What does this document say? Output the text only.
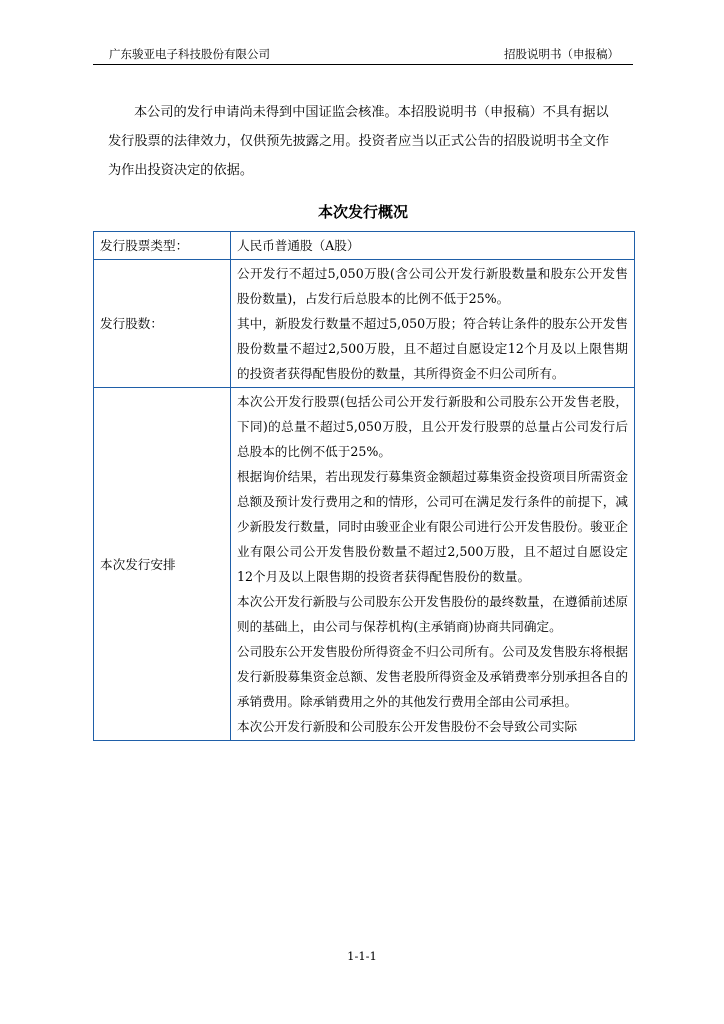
广东骏亚电子科技股份有限公司	招股说明书（申报稿）

本公司的发行申请尚未得到中国证监会核准。本招股说明书（申报稿）不具有据以发行股票的法律效力，仅供预先披露之用。投资者应当以正式公告的招股说明书全文作为作出投资决定的依据。

本次发行概况
发行股票类型：	人民币普通股（A股）

发行股数：	公开发行不超过5,050万股(含公司公开发行新股数量和股东公开发售股份数量)，占发行后总股本的比例不低于25%。

其中，新股发行数量不超过5,050万股；符合转让条件的股东公开发售股份数量不超过2,500万股，且不超过自愿设定12个月及以上限售期的投资者获得配售股份的数量，其所得资金不归公司所有。

本次发行安排	本次公开发行股票(包括公司公开发行新股和公司股东公开发售老股，下同)的总量不超过5,050万股，且公开发行股票的总量占公司发行后总股本的比例不低于25%。

根据询价结果，若出现发行募集资金额超过募集资金投资项目所需资金总额及预计发行费用之和的情形，公司可在满足发行条件的前提下，减少新股发行数量，同时由骏亚企业有限公司进行公开发售股份。骏亚企业有限公司公开发售股份数量不超过2,500万股，且不超过自愿设定12个月及以上限售期的投资者获得配售股份的数量。

本次公开发行新股与公司股东公开发售股份的最终数量，在遵循前述原则的基础上，由公司与保荐机构(主承销商)协商共同确定。

公司股东公开发售股份所得资金不归公司所有。公司及发售股东将根据发行新股募集资金总额、发售老股所得资金及承销费率分别承担各自的承销费用。除承销费用之外的其他发行费用全部由公司承担。

本次公开发行新股和公司股东公开发售股份不会导致公司实际

1-1-1
